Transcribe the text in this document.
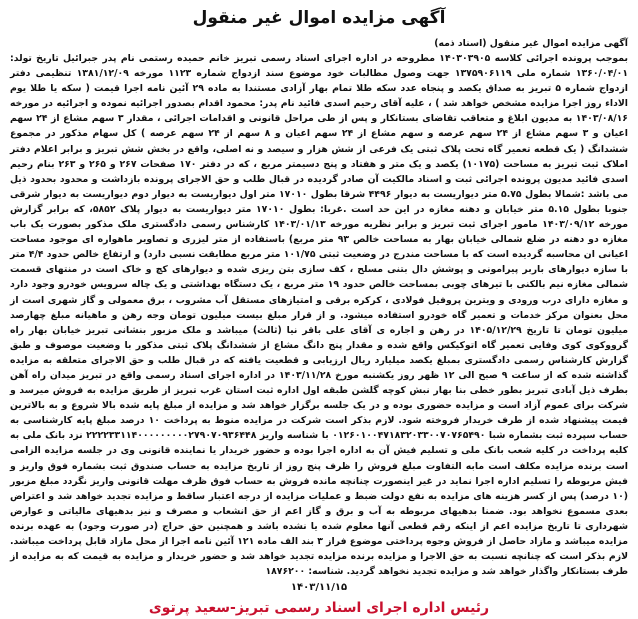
آگهی مزایده اموال غیر منقول
آگهی مزایده اموال غیر منقول (اسناد ذمه)

بموجب پرونده اجرائی کلاسه ۱۴۰۳۰۳۹۰۵ مطروحه در اداره اجرای اسناد رسمی تبریز خانم حمیده رستمی نام پدر جبرائیل تاریخ تولد: ۱۳۶۰/۰۴/۰۱ شماره ملی ۱۳۷۵۹۰۶۱۱۹ جهت وصول مطالبات خود موضوع سند ازدواج شماره ۱۱۲۳ مورخه ۱۳۸۱/۱۲/۰۹ تنظیمی دفتر ازدواج شماره ۵ تبریز به صداق یکصد و پنجاه عدد سکه طلا تمام بهار آزادی مستندا به ماده ۲۹ آئین نامه اجرا قیمت ( سکه یا طلا یوم الاداء روز اجرا مزایده مشخص خواهد شد ) ، علیه آقای رحیم اسدی فائید نام پدر: محمود اقدام بصدور اجرائیه نموده و اجرائیه در مورخه ۱۴۰۳/۰۸/۱۶ به مدیون ابلاغ و متعاقب تقاضای بستانکار و پس از طی مراحل قانونی و اقدامات اجرائی ، مقدار ۳ سهم مشاع از ۲۴ سهم اعیان و ۳ سهم مشاع از ۲۴ سهم عرصه و سهم مشاع از ۲۴ سهم اعیان و ۸ سهم از ۲۴ سهم عرصه ) کل سهام مذکور در مجموع ششدانگ ( یک قطعه تعمیر گاه تحت پلاک ثبتی یک فرعی از شش هزار و سیصد و نه اصلی، واقع در بخش شش تبریز و برابر اعلام دفتر املاک ثبت تبریز به مساحت (۱۰۱۷۵) یکصد و یک متر و هفتاد و پنج دسیمتر مربع ، که در دفتر ۱۷۰ صفحات ۲۶۷ و ۲۶۵ و ۲۶۳ بنام رحیم اسدی فائید مدیون پرونده اجرائی ثبت و اسناد مالکیت آن صادر گردیده در قبال طلب و حق الاجرای پرونده بازداشت و محدود بحدود ذیل می باشد :شمالا بطول ۵.۷۵ متر دیواریست به دیوار ۴۴۹۶ شرقا بطول ۱۷۰۱۰ متر اول دیواریست به دیوار دوم دیواریست به دیوار شرقی جنوبا بطول ۵.۱۵ متر خیابان و دهنه مغازه در این حد است .غربا: بطول ۱۷۰۱۰ متر دیواریست به دیوار پلاک ۵۸۵۲، که برابر گزارش مورخه ۱۴۰۳/۰۹/۱۲ مامور اجرای ثبت تبریز و برابر نظریه مورخه ۱۴۰۳/۰۱/۱۳ کارشناس رسمی دادگستری ملک مذکور بصورت یک باب مغازه دو دهنه در ضلع شمالی خیابان بهار به مساحت خالص ۹۳ متر مربع) باستفاده از متر لیزری و تصاویر ماهواره ای موجود مساحت اعیانی ان محاسبه گردیده است که با مساحت مندرج در وضعیت ثبتی ۱۰۱/۷۵ متر مربع مطابقت نسبی دارد) و ارتفاع خالص حدود ۴/۴ متر با سازه دیوارهای باربر پیرامونی و پوشش دال بتنی مسلح ، کف سازی بتن ریزی شده و دیوارهای کچ و خاک است در منتهای قسمت شمالی مغازه نیم بالکنی با تیرهای چوبی بمساحت خالص حدود ۱۹ متر مربع ، یک دستگاه بهداشتی و یک چاله سرویس خودرو وجود دارد و مغازه دارای درب ورودی و ویترین پروفیل فولادی ، کرکره برقی و امتیازهای مستقل آب مشروب ، برق معمولی و گاز شهری است از محل بعنوان مرکز خدمات و تعمیر گاه خودرو استفاده میشود. و از قرار مبلغ بیست میلیون تومان وجه رهن و ماهیانه مبلغ چهارصد میلیون تومان تا تاریخ ۱۴۰۵/۱۲/۲۹ در رهن و اجاره ی آقای علی باقر نیا (ثالث) میباشد و ملک مزبور بنشانی تبریز خیابان بهار راه گرووکوی کوی وفایی تعمیر گاه اتوکیکس واقع شده و مقدار پنج دانگ مشاع از ششدانگ پلاک ثبتی مذکور با وضعیت موصوف و طبق گزارش کارشناس رسمی دادگستری بمبلغ یکصد میلیارد ریال ارزیابی و قطعیت یافته که در قبال طلب و حق الاجرای متعلقه به مزایده گذاشته شده که از ساعت ۹ صبح الی ۱۲ ظهر روز یکشنبه مورخ ۱۴۰۳/۱۱/۲۸ در اداره اجرای اسناد رسمی واقع در تبریز میدان راه آهن بطرف ذیل آبادی تبریز بطور خطی بنا بهار نبش کوچه گلشن طبقه اول اداره ثبت استان غرب تبریز از طریق مزایده به فروش میرسد و شرکت برای عموم آزاد است و مزایده حضوری بوده و در یک جلسه برگزار خواهد شد و مزایده از مبلغ پایه شده بالا شروع و به بالاترین قیمت پیشنهاد شده از طرف خریدار فروخته شود. لازم بذکر است شرکت در مزایده منوط به پرداخت ۱۰ درصد مبلغ پایه کارشناسی به حساب سپرده ثبت بشماره شبا ۰۱۲۶۰۱۰۰۴۷۱۸۳۲۰۳۳۰۰۷۰۷۶۵۴۹۰ با شناسه واریز ۲۲۲۲۳۳۱۱۴۰۰۰۰۰۰۰۰۰۲۷۹۰۷۰۹۳۶۴۴۸ نزد بانک ملی به کلیه پرداخت در کلیه شعب بانک ملی و تسلیم فیش آن به اداره اجرا بوده و حضور خریدار یا نماینده قانونی وی در جلسه مزایده الزامی است برنده مزایده مکلف است مابه التفاوت مبلغ فروش را ظرف پنج روز از تاریخ مزایده به حساب صندوق ثبت بشماره فوق واریز و فیش مربوطه را تسلیم اداره اجرا نماید در غیر اینصورت چنانچه مانده فروش به حساب فوق ظرف مهلت قانونی واریز نگردد مبلغ مزبور (۱۰ درصد) پس از کسر هزینه های مزایده به نفع دولت ضبط و عملیات مزایده از درجه اعتبار ساقط و مزایده تجدید خواهد شد و اعتراض بعدی مسموع نخواهد بود. ضمنا بدهیهای مربوطه به آب و برق و گاز اعم از حق انشعاب و مصرف و نیز بدهیهای مالیاتی و عوارض شهرداری تا تاریخ مزایده اعم از اینکه رقم قطعی آنها معلوم شده یا نشده باشد و همچنین حق حراج (در صورت وجود) به عهده برنده مزایده میباشد و مازاد حاصل از فروش وجوه پرداختی موضوع فراز ۳ بند الف ماده ۱۲۱ آئین نامه اجرا از محل مازاد قابل پرداخت میباشد. لازم بذکر است که چنانچه نسبت به حق الاجرا و مزایده برنده مزایده تجدید خواهد شد و حضور خریدار و مزایده به قیمت که به مزایده از طرف بستانکار واگذار خواهد شد و مزایده تجدید نخواهد گردید. شناسه: ۱۸۷۶۲۰۰

۱۴۰۳/۱۱/۱۵
رئیس اداره اجرای اسناد رسمی تبریز-سعید پرتوی
